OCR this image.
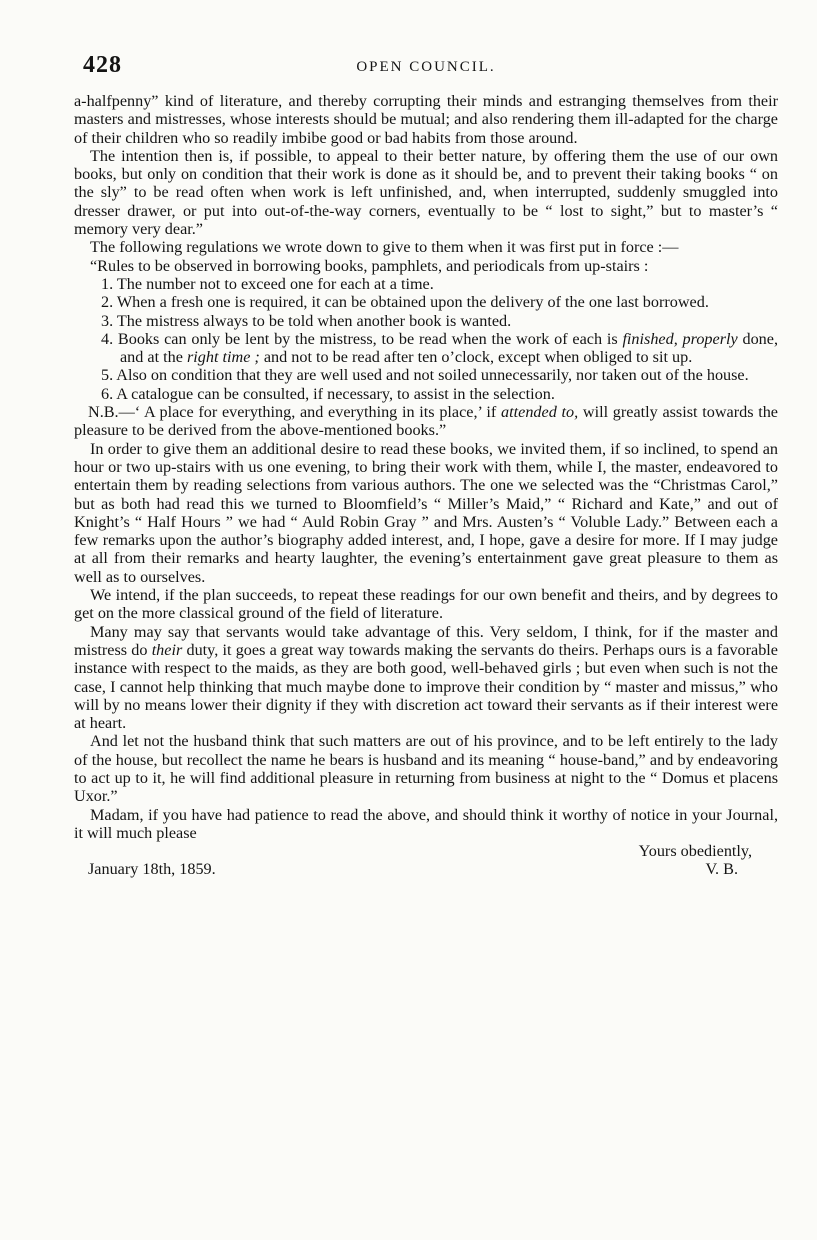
428	OPEN COUNCIL.

a-halfpenny” kind of literature, and thereby corrupting their minds and estranging themselves from their masters and mistresses, whose interests should be mutual; and also rendering them ill-adapted for the charge of their children who so readily imbibe good or bad habits from those around.

The intention then is, if possible, to appeal to their better nature, by offering them the use of our own books, but only on condition that their work is done as it should be, and to prevent their taking books “ on the sly” to be read often when work is left unfinished, and, when interrupted, suddenly smuggled into dresser drawer, or put into out-of-the-way corners, eventually to be “ lost to sight,” but to master’s “ memory very dear.”

The following regulations we wrote down to give to them when it was first put in force :—

“Rules to be observed in borrowing books, pamphlets, and periodicals from up-stairs :

1. The number not to exceed one for each at a time.

2. When a fresh one is required, it can be obtained upon the delivery of the one last borrowed.

3. The mistress always to be told when another book is wanted.

4. Books can only be lent by the mistress, to be read when the work of each is finished, properly done, and at the right time ; and not to be read after ten o’clock, except when obliged to sit up.

5. Also on condition that they are well used and not soiled unnecessarily, nor taken out of the house.

6. A catalogue can be consulted, if necessary, to assist in the selection.

N.B.—‘ A place for everything, and everything in its place,’ if attended to, will greatly assist towards the pleasure to be derived from the above-mentioned books.”

In order to give them an additional desire to read these books, we invited them, if so inclined, to spend an hour or two up-stairs with us one evening, to bring their work with them, while I, the master, endeavored to entertain them by reading selections from various authors. The one we selected was the “Christmas Carol,” but as both had read this we turned to Bloomfield’s “ Miller’s Maid,” “ Richard and Kate,” and out of Knight’s “ Half Hours ” we had “ Auld Robin Gray ” and Mrs. Austen’s “ Voluble Lady.” Between each a few remarks upon the author’s biography added interest, and, I hope, gave a desire for more. If I may judge at all from their remarks and hearty laughter, the evening’s entertainment gave great pleasure to them as well as to ourselves.

We intend, if the plan succeeds, to repeat these readings for our own benefit and theirs, and by degrees to get on the more classical ground of the field of literature.

Many may say that servants would take advantage of this. Very seldom, I think, for if the master and mistress do their duty, it goes a great way towards making the servants do theirs. Perhaps ours is a favorable instance with respect to the maids, as they are both good, well-behaved girls ; but even when such is not the case, I cannot help thinking that much maybe done to improve their condition by “ master and missus,” who will by no means lower their dignity if they with discretion act toward their servants as if their interest were at heart.

And let not the husband think that such matters are out of his province, and to be left entirely to the lady of the house, but recollect the name he bears is husband and its meaning “ house-band,” and by endeavoring to act up to it, he will find additional pleasure in returning from business at night to the “ Domus et placens Uxor.”

Madam, if you have had patience to read the above, and should think it worthy of notice in your Journal, it will much please

Yours obediently,

January 18th, 1859.	V. B.
